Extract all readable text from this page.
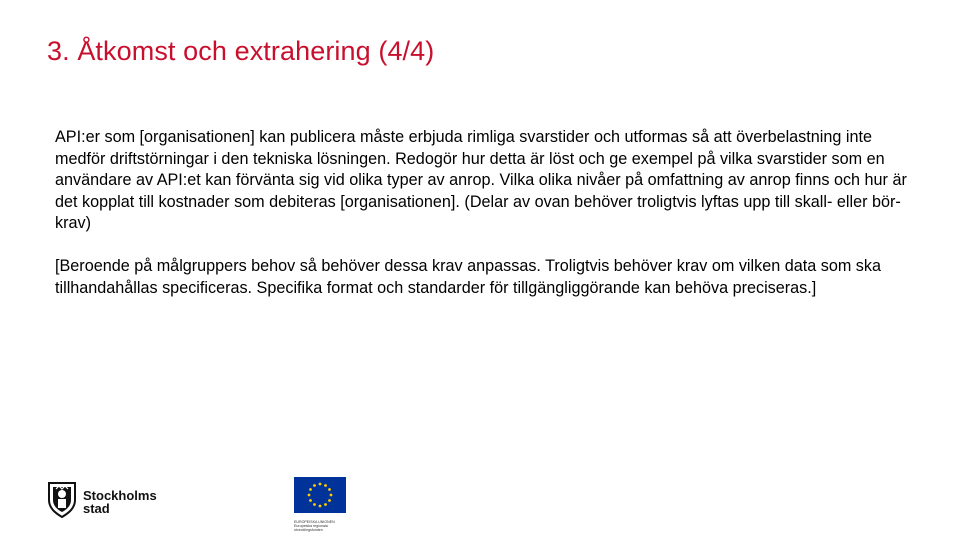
3. Åtkomst och extrahering (4/4)

API:er som [organisationen] kan publicera måste erbjuda rimliga svarstider och utformas så att överbelastning inte medför driftstörningar i den tekniska lösningen. Redogör hur detta är löst och ge exempel på vilka svarstider som en användare av API:et kan förvänta sig vid olika typer av anrop. Vilka olika nivåer på omfattning av anrop finns och hur är det kopplat till kostnader som debiteras [organisationen]. (Delar av ovan behöver troligtvis lyftas upp till skall- eller bör-krav)

[Beroende på målgruppers behov så behöver dessa krav anpassas. Troligtvis behöver krav om vilken data som ska tillhandahållas specificeras. Specifika format och standarder för tillgängliggörande kan behöva preciseras.]

Stockholms
stad
EUROPEISKA UNIONEN
Europeiska regionala
utvecklingsfonden
